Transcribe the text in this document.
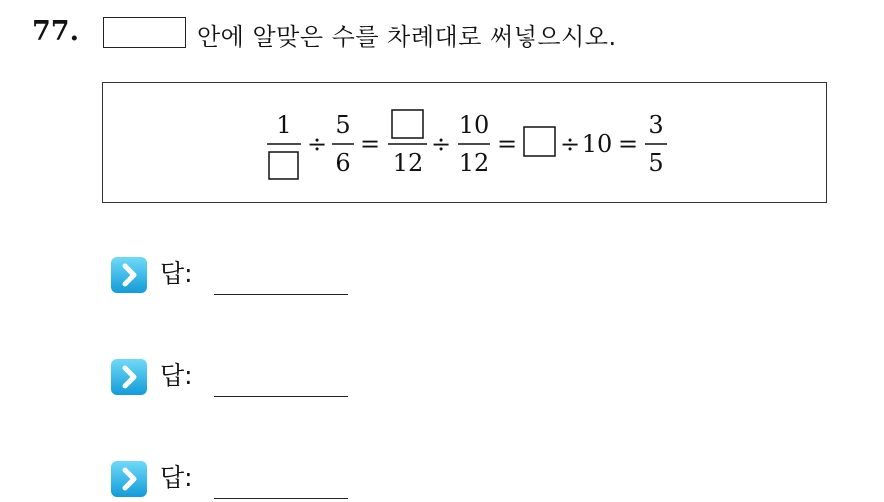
77.	안에 알맞은 수를 차례대로 써넣으시오.
1
÷
5
6
=
12
÷
10
12
= ÷ 10 =
3
5
답:
답:
답:
